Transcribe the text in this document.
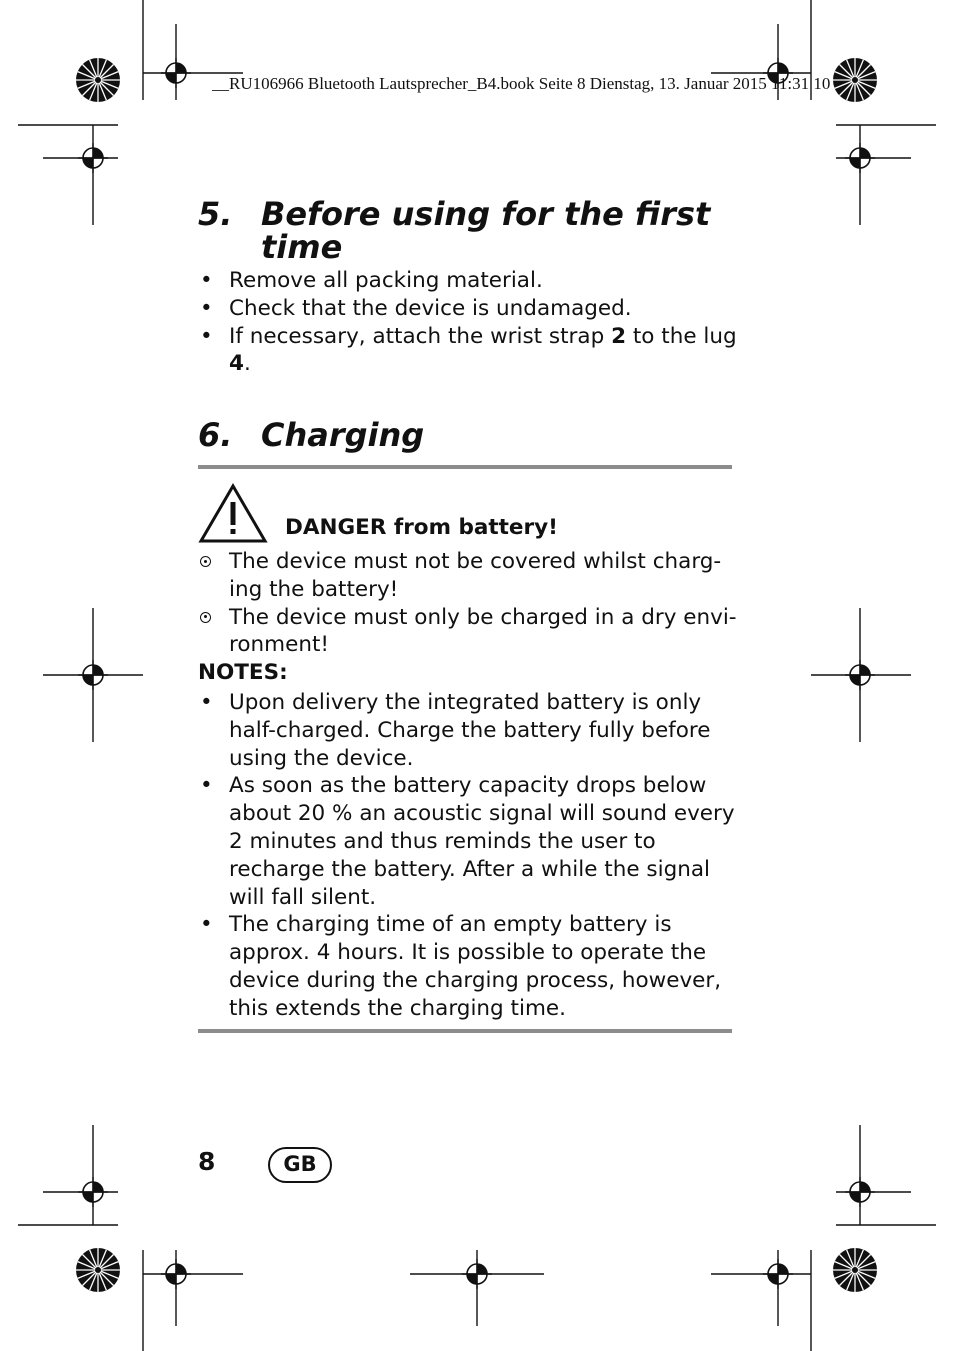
__RU106966 Bluetooth Lautsprecher_B4.book Seite 8 Dienstag, 13. Januar 2015 11:31 10
5. Before using for the first time
• Remove all packing material.
• Check that the device is undamaged.
• If necessary, attach the wrist strap 2 to the lug 4.
6. Charging
DANGER from battery!
The device must not be covered whilst charg-ing the battery!
The device must only be charged in a dry envi-ronment!
NOTES:
• Upon delivery the integrated battery is only half-charged. Charge the battery fully before using the device.
• As soon as the battery capacity drops below about 20 % an acoustic signal will sound every 2 minutes and thus reminds the user to recharge the battery. After a while the signal will fall silent.
• The charging time of an empty battery is approx. 4 hours. It is possible to operate the device during the charging process, however, this extends the charging time.
8	GB
